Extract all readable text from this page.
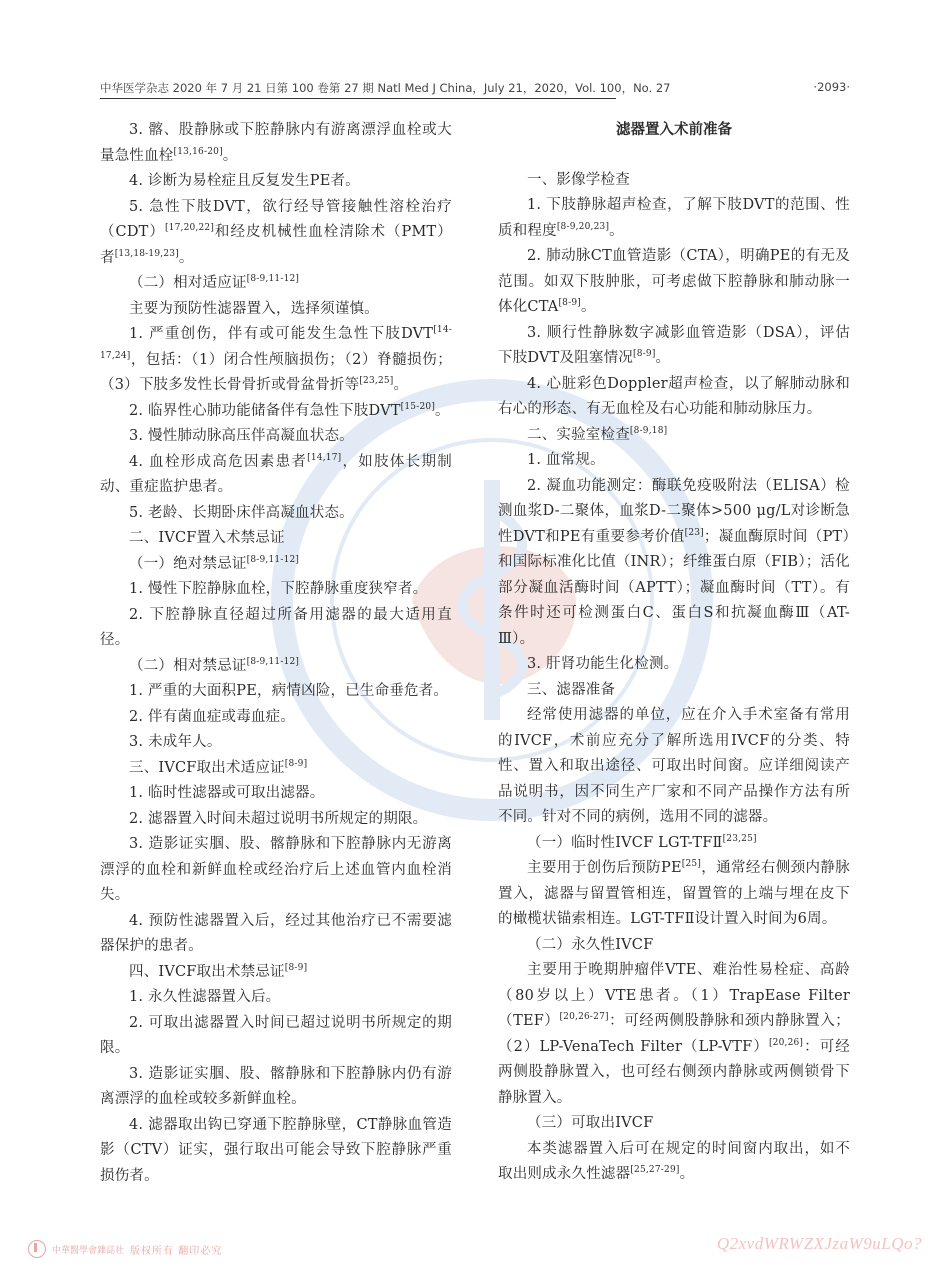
中华医学杂志 2020 年 7 月 21 日第 100 卷第 27 期 Natl Med J China，July 21，2020，Vol. 100，No. 27	·2093·

3. 髂、股静脉或下腔静脉内有游离漂浮血栓或大量急性血栓[13,16-20]。

4. 诊断为易栓症且反复发生PE者。

5. 急性下肢DVT，欲行经导管接触性溶栓治疗（CDT）[17,20,22]和经皮机械性血栓清除术（PMT）者[13,18-19,23]。

（二）相对适应证[8-9,11-12]

主要为预防性滤器置入，选择须谨慎。

1. 严重创伤，伴有或可能发生急性下肢DVT[14-17,24]，包括：（1）闭合性颅脑损伤；（2）脊髓损伤；（3）下肢多发性长骨骨折或骨盆骨折等[23,25]。

2. 临界性心肺功能储备伴有急性下肢DVT[15-20]。

3. 慢性肺动脉高压伴高凝血状态。

4. 血栓形成高危因素患者[14,17]，如肢体长期制动、重症监护患者。

5. 老龄、长期卧床伴高凝血状态。

二、IVCF置入术禁忌证

（一）绝对禁忌证[8-9,11-12]

1. 慢性下腔静脉血栓，下腔静脉重度狭窄者。

2. 下腔静脉直径超过所备用滤器的最大适用直径。

（二）相对禁忌证[8-9,11-12]

1. 严重的大面积PE，病情凶险，已生命垂危者。

2. 伴有菌血症或毒血症。

3. 未成年人。

三、IVCF取出术适应证[8-9]

1. 临时性滤器或可取出滤器。

2. 滤器置入时间未超过说明书所规定的期限。

3. 造影证实腘、股、髂静脉和下腔静脉内无游离漂浮的血栓和新鲜血栓或经治疗后上述血管内血栓消失。

4. 预防性滤器置入后，经过其他治疗已不需要滤器保护的患者。

四、IVCF取出术禁忌证[8-9]

1. 永久性滤器置入后。

2. 可取出滤器置入时间已超过说明书所规定的期限。

3. 造影证实腘、股、髂静脉和下腔静脉内仍有游离漂浮的血栓或较多新鲜血栓。

4. 滤器取出钩已穿通下腔静脉壁，CT静脉血管造影（CTV）证实，强行取出可能会导致下腔静脉严重损伤者。

滤器置入术前准备

一、影像学检查

1. 下肢静脉超声检查，了解下肢DVT的范围、性质和程度[8-9,20,23]。

2. 肺动脉CT血管造影（CTA），明确PE的有无及范围。如双下肢肿胀，可考虑做下腔静脉和肺动脉一体化CTA[8-9]。

3. 顺行性静脉数字减影血管造影（DSA），评估下肢DVT及阻塞情况[8-9]。

4. 心脏彩色Doppler超声检查，以了解肺动脉和右心的形态、有无血栓及右心功能和肺动脉压力。

二、实验室检查[8-9,18]

1. 血常规。

2. 凝血功能测定：酶联免疫吸附法（ELISA）检测血浆D-二聚体，血浆D-二聚体>500 μg/L对诊断急性DVT和PE有重要参考价值[23]；凝血酶原时间（PT）和国际标准化比值（INR）；纤维蛋白原（FIB）；活化部分凝血活酶时间（APTT）；凝血酶时间（TT）。有条件时还可检测蛋白C、蛋白S和抗凝血酶Ⅲ（AT-Ⅲ）。

3. 肝肾功能生化检测。

三、滤器准备

经常使用滤器的单位，应在介入手术室备有常用的IVCF，术前应充分了解所选用IVCF的分类、特性、置入和取出途径、可取出时间窗。应详细阅读产品说明书，因不同生产厂家和不同产品操作方法有所不同。针对不同的病例，选用不同的滤器。

（一）临时性IVCF LGT-TFⅡ[23,25]

主要用于创伤后预防PE[25]，通常经右侧颈内静脉置入，滤器与留置管相连，留置管的上端与埋在皮下的橄榄状锚索相连。LGT-TFⅡ设计置入时间为6周。

（二）永久性IVCF

主要用于晚期肿瘤伴VTE、难治性易栓症、高龄（80岁以上）VTE患者。（1）TrapEase Filter（TEF）[20,26-27]：可经两侧股静脉和颈内静脉置入；（2）LP-VenaTech Filter（LP-VTF）[20,26]：可经两侧股静脉置入，也可经右侧颈内静脉或两侧锁骨下静脉置入。

（三）可取出IVCF

本类滤器置入后可在规定的时间窗内取出，如不取出则成永久性滤器[25,27-29]。

中華醫學會雜誌社 版权所有 翻印必究	Q2xvdWRWZXJzaW9uLQo?
